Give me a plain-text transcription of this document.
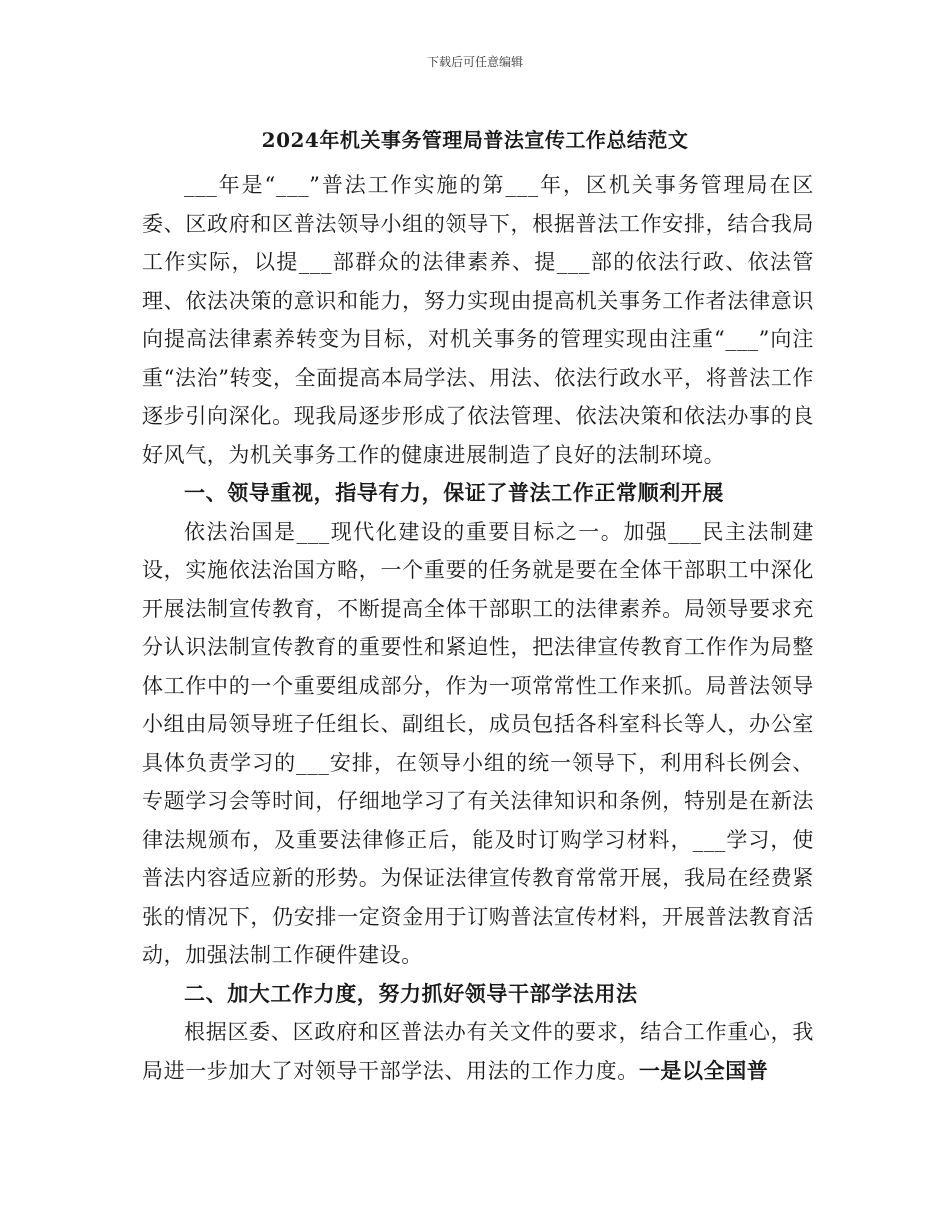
下载后可任意编辑
2024年机关事务管理局普法宣传工作总结范文

___年是“___”普法工作实施的第___年，区机关事务管理局在区委、区政府和区普法领导小组的领导下，根据普法工作安排，结合我局工作实际，以提___部群众的法律素养、提___部的依法行政、依法管理、依法决策的意识和能力，努力实现由提高机关事务工作者法律意识向提高法律素养转变为目标，对机关事务的管理实现由注重“___”向注重“法治”转变，全面提高本局学法、用法、依法行政水平，将普法工作逐步引向深化。现我局逐步形成了依法管理、依法决策和依法办事的良好风气，为机关事务工作的健康进展制造了良好的法制环境。

一、领导重视，指导有力，保证了普法工作正常顺利开展

依法治国是___现代化建设的重要目标之一。加强___民主法制建设，实施依法治国方略，一个重要的任务就是要在全体干部职工中深化开展法制宣传教育，不断提高全体干部职工的法律素养。局领导要求充分认识法制宣传教育的重要性和紧迫性，把法律宣传教育工作作为局整体工作中的一个重要组成部分，作为一项常常性工作来抓。局普法领导小组由局领导班子任组长、副组长，成员包括各科室科长等人，办公室具体负责学习的___安排，在领导小组的统一领导下，利用科长例会、专题学习会等时间，仔细地学习了有关法律知识和条例，特别是在新法律法规颁布，及重要法律修正后，能及时订购学习材料，___学习，使普法内容适应新的形势。为保证法律宣传教育常常开展，我局在经费紧张的情况下，仍安排一定资金用于订购普法宣传材料，开展普法教育活动，加强法制工作硬件建设。

二、加大工作力度，努力抓好领导干部学法用法

根据区委、区政府和区普法办有关文件的要求，结合工作重心，我局进一步加大了对领导干部学法、用法的工作力度。一是以全国普
